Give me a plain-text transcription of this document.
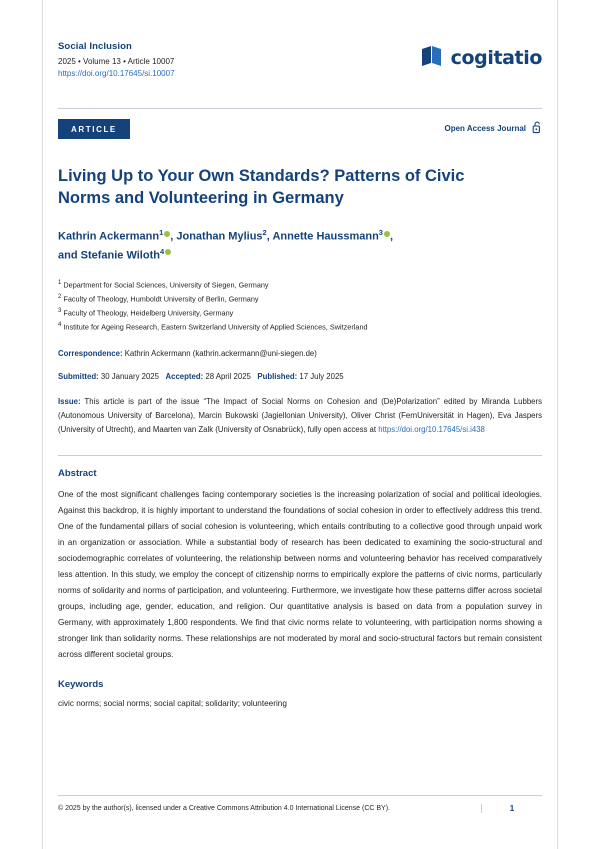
Social Inclusion
2025 • Volume 13 • Article 10007
https://doi.org/10.17645/si.10007
cogitatio
ARTICLE	Open Access Journal
Living Up to Your Own Standards? Patterns of Civic Norms and Volunteering in Germany
Kathrin Ackermann$^1$ , Jonathan Mylius$^2$, Annette Haussmann$^3$ ,
and Stefanie Wiloth$^4$
$^1$ Department for Social Sciences, University of Siegen, Germany
$^2$ Faculty of Theology, Humboldt University of Berlin, Germany
$^3$ Faculty of Theology, Heidelberg University, Germany
$^4$ Institute for Ageing Research, Eastern Switzerland University of Applied Sciences, Switzerland
Correspondence: Kathrin Ackermann (kathrin.ackermann@uni-siegen.de)
Submitted: 30 January 2025 Accepted: 28 April 2025 Published: 17 July 2025
Issue: This article is part of the issue “The Impact of Social Norms on Cohesion and (De)Polarization” edited by Miranda Lubbers (Autonomous University of Barcelona), Marcin Bukowski (Jagiellonian University), Oliver Christ (FernUniversität in Hagen), Eva Jaspers (University of Utrecht), and Maarten van Zalk (University of Osnabrück), fully open access at https://doi.org/10.17645/si.i438
Abstract
One of the most significant challenges facing contemporary societies is the increasing polarization of social and political ideologies. Against this backdrop, it is highly important to understand the foundations of social cohesion in order to effectively address this trend. One of the fundamental pillars of social cohesion is volunteering, which entails contributing to a collective good through unpaid work in an organization or association. While a substantial body of research has been dedicated to examining the socio-structural and sociodemographic correlates of volunteering, the relationship between norms and volunteering behavior has received comparatively less attention. In this study, we employ the concept of citizenship norms to empirically explore the patterns of civic norms, particularly norms of solidarity and norms of participation, and volunteering. Furthermore, we investigate how these patterns differ across societal groups, including age, gender, education, and religion. Our quantitative analysis is based on data from a population survey in Germany, with approximately 1,800 respondents. We find that civic norms relate to volunteering, with participation norms showing a stronger link than solidarity norms. These relationships are not moderated by moral and socio-structural factors but remain consistent across different societal groups.
Keywords
civic norms; social norms; social capital; solidarity; volunteering
© 2025 by the author(s), licensed under a Creative Commons Attribution 4.0 International License (CC BY).	1
